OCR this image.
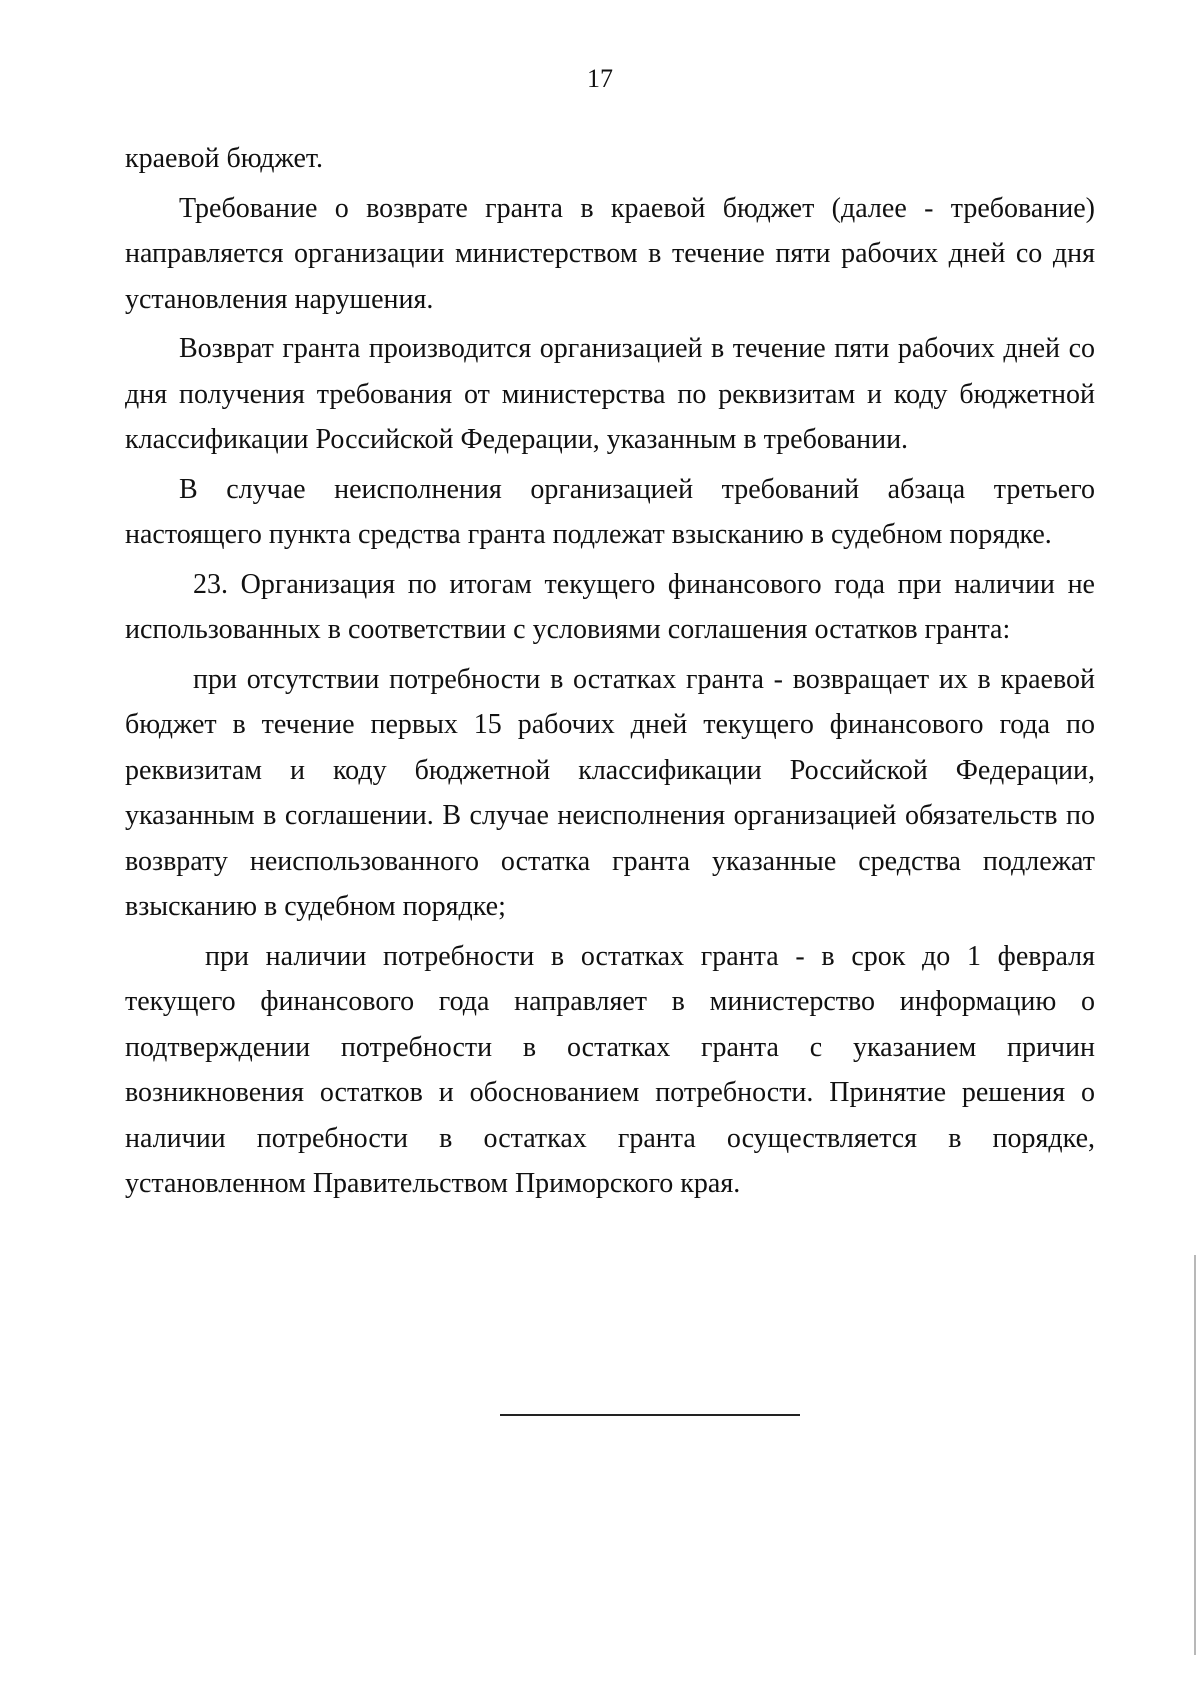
17

краевой бюджет.

Требование о возврате гранта в краевой бюджет (далее - требование) направляется организации министерством в течение пяти рабочих дней со дня установления нарушения.

Возврат гранта производится организацией в течение пяти рабочих дней со дня получения требования от министерства по реквизитам и коду бюджетной классификации Российской Федерации, указанным в требовании.

В случае неисполнения организацией требований абзаца третьего настоящего пункта средства гранта подлежат взысканию в судебном порядке.

23. Организация по итогам текущего финансового года при наличии не использованных в соответствии с условиями соглашения остатков гранта:

при отсутствии потребности в остатках гранта - возвращает их в краевой бюджет в течение первых 15 рабочих дней текущего финансового года по реквизитам и коду бюджетной классификации Российской Федерации, указанным в соглашении. В случае неисполнения организацией обязательств по возврату неиспользованного остатка гранта указанные средства подлежат взысканию в судебном порядке;

при наличии потребности в остатках гранта - в срок до 1 февраля текущего финансового года направляет в министерство информацию о подтверждении потребности в остатках гранта с указанием причин возникновения остатков и обоснованием потребности. Принятие решения о наличии потребности в остатках гранта осуществляется в порядке, установленном Правительством Приморского края.
